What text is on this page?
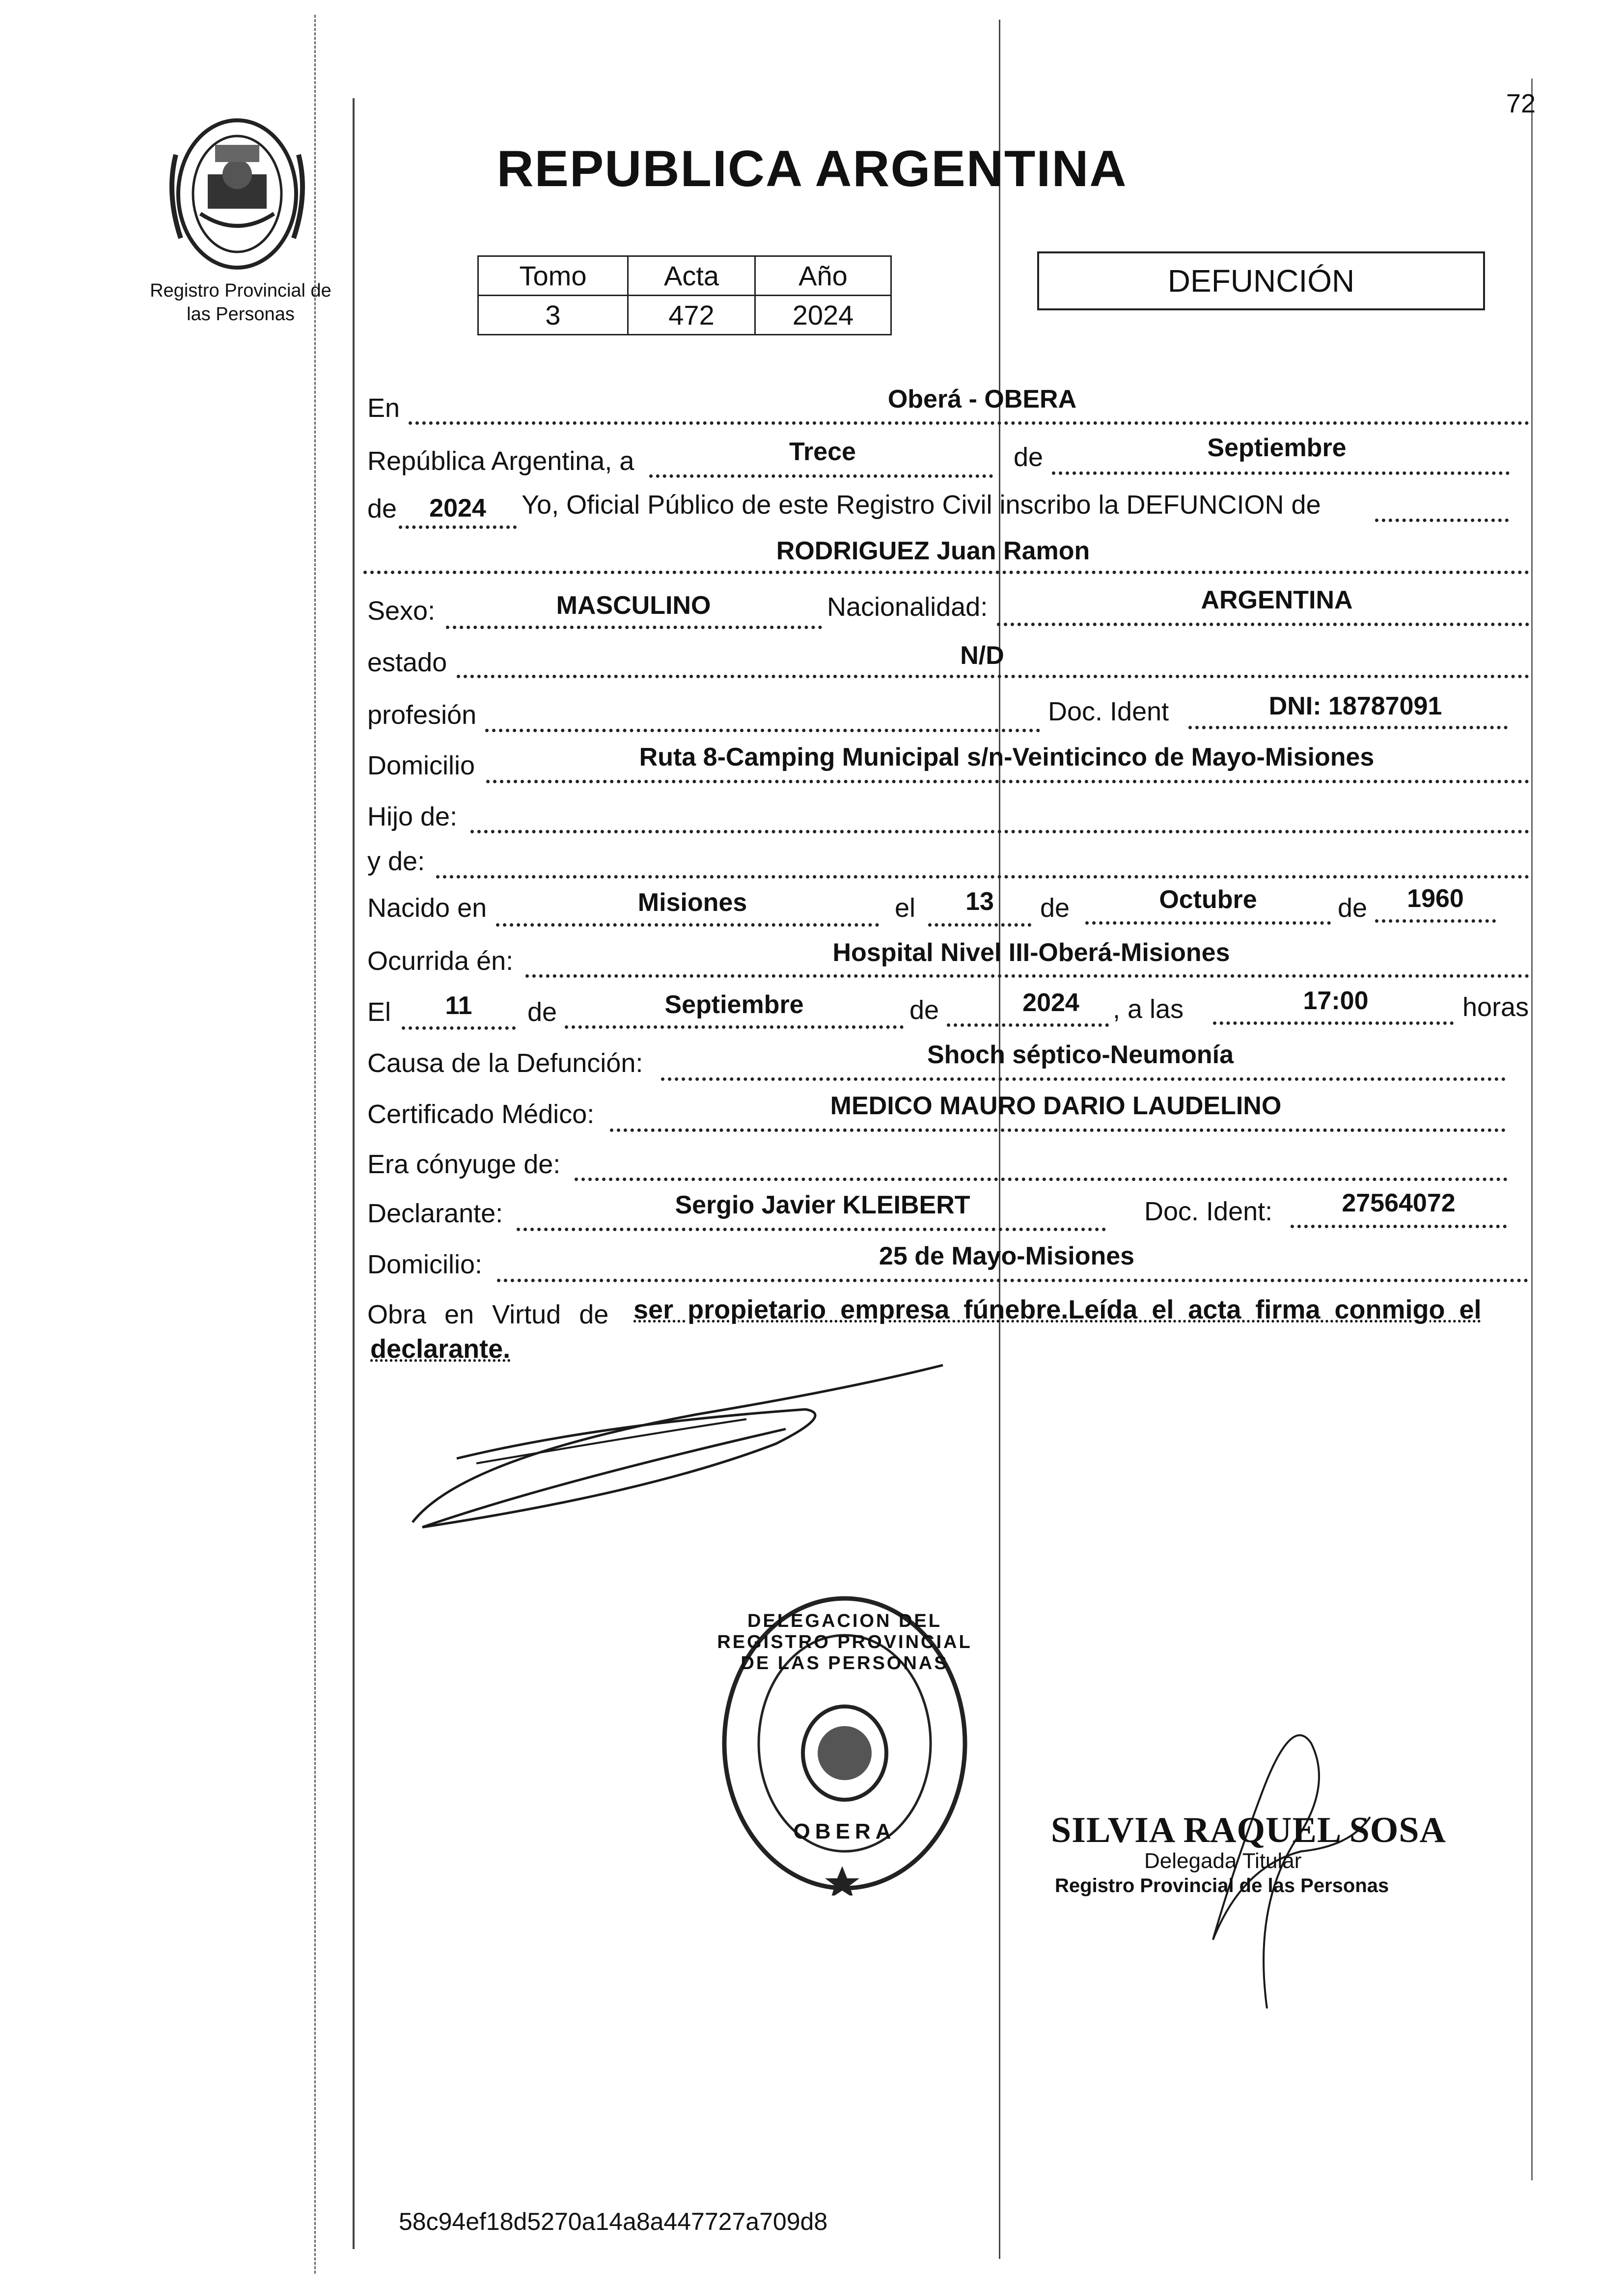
Registro Provincial de
las Personas
72
REPUBLICA ARGENTINA
Tomo	Acta	Año
3	472	2024
DEFUNCIÓN
En	Oberá - OBERA
República Argentina, a	Trece	de	Septiembre
de	2024	Yo, Oficial Público de este Registro Civil inscribo la DEFUNCION de
RODRIGUEZ Juan Ramon
Sexo:	MASCULINO	Nacionalidad:	ARGENTINA
estado	N/D
profesión	Doc. Ident	DNI: 18787091
Domicilio	Ruta 8-Camping Municipal s/n-Veinticinco de Mayo-Misiones
Hijo de:
y de:
Nacido en	Misiones	el	13	de	Octubre	de	1960
Ocurrida én:	Hospital Nivel III-Oberá-Misiones
El	11	de	Septiembre	de	2024	, a las	17:00	horas
Causa de la Defunción:	Shoch séptico-Neumonía
Certificado Médico:	MEDICO MAURO DARIO LAUDELINO
Era cónyuge de:
Declarante:	Sergio Javier KLEIBERT	Doc. Ident:	27564072
Domicilio:	25 de Mayo-Misiones
Obra en Virtud de ser propietario empresa fúnebre.Leída el acta firma conmigo el
declarante.
DELEGACION DEL REGISTRO PROVINCIAL DE LAS PERSONAS
OBERA	SILVIA RAQUEL SOSA
Delegada Titular
Registro Provincial de las Personas
58c94ef18d5270a14a8a447727a709d8
